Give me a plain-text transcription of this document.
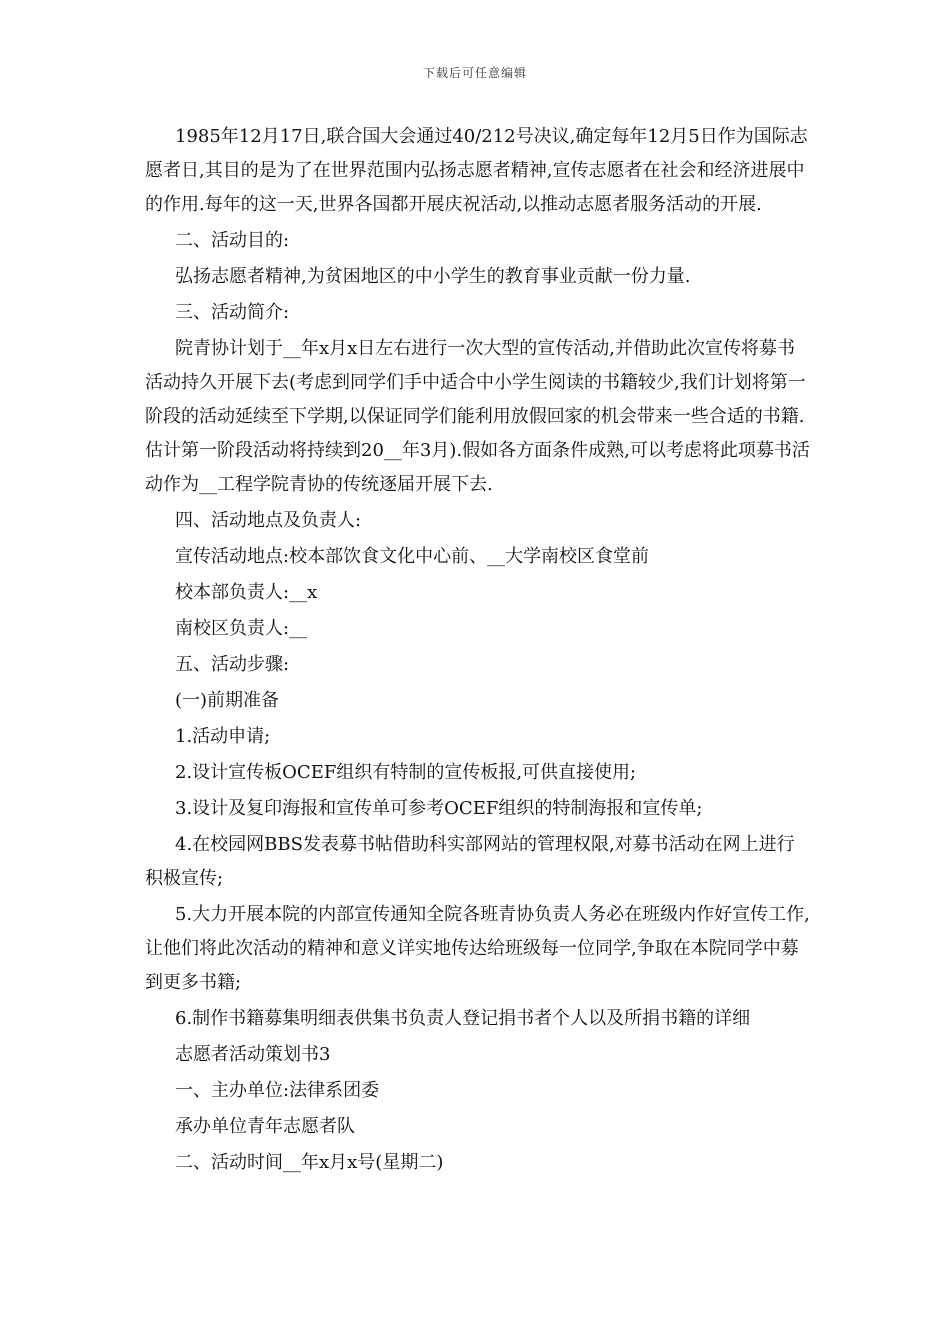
下载后可任意编辑

1985年12月17日,联合国大会通过40/212号决议,确定每年12月5日作为国际志愿者日,其目的是为了在世界范围内弘扬志愿者精神,宣传志愿者在社会和经济进展中的作用.每年的这一天,世界各国都开展庆祝活动,以推动志愿者服务活动的开展.

二、活动目的:

弘扬志愿者精神,为贫困地区的中小学生的教育事业贡献一份力量.

三、活动简介:

院青协计划于__年x月x日左右进行一次大型的宣传活动,并借助此次宣传将募书活动持久开展下去(考虑到同学们手中适合中小学生阅读的书籍较少,我们计划将第一阶段的活动延续至下学期,以保证同学们能利用放假回家的机会带来一些合适的书籍.估计第一阶段活动将持续到20__年3月).假如各方面条件成熟,可以考虑将此项募书活动作为__工程学院青协的传统逐届开展下去.

四、活动地点及负责人:

宣传活动地点:校本部饮食文化中心前、__大学南校区食堂前

校本部负责人:__x

南校区负责人:__

五、活动步骤:

(一)前期准备

1.活动申请;

2.设计宣传板OCEF组织有特制的宣传板报,可供直接使用;

3.设计及复印海报和宣传单可参考OCEF组织的特制海报和宣传单;

4.在校园网BBS发表募书帖借助科实部网站的管理权限,对募书活动在网上进行积极宣传;

5.大力开展本院的内部宣传通知全院各班青协负责人务必在班级内作好宣传工作,让他们将此次活动的精神和意义详实地传达给班级每一位同学,争取在本院同学中募到更多书籍;

6.制作书籍募集明细表供集书负责人登记捐书者个人以及所捐书籍的详细

志愿者活动策划书3

一、主办单位:法律系团委

承办单位青年志愿者队

二、活动时间__年x月x号(星期二)
